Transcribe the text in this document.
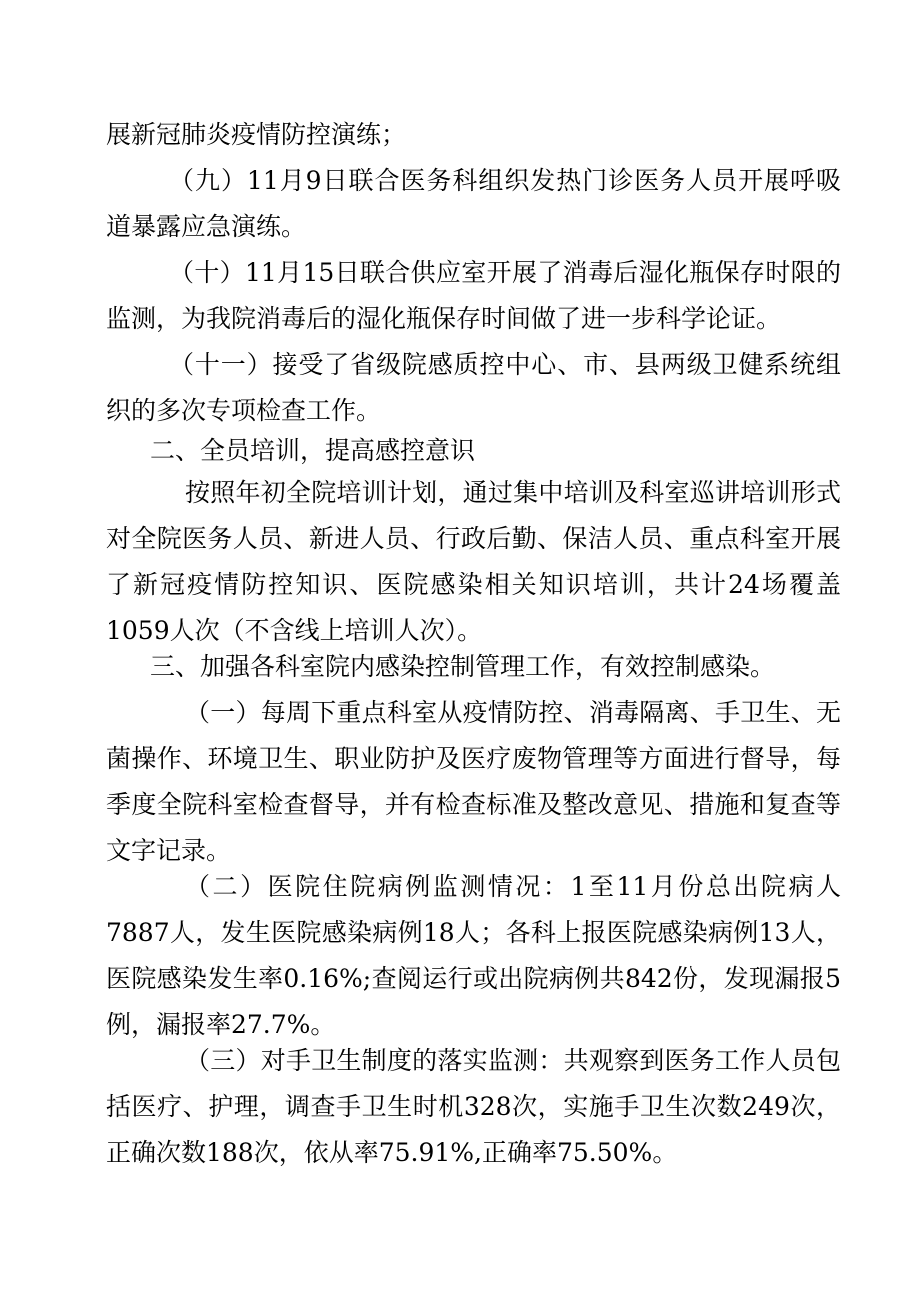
展新冠肺炎疫情防控演练；

（九）11月9日联合医务科组织发热门诊医务人员开展呼吸道暴露应急演练。

（十）11月15日联合供应室开展了消毒后湿化瓶保存时限的监测，为我院消毒后的湿化瓶保存时间做了进一步科学论证。

（十一）接受了省级院感质控中心、市、县两级卫健系统组织的多次专项检查工作。

二、全员培训，提高感控意识

按照年初全院培训计划，通过集中培训及科室巡讲培训形式对全院医务人员、新进人员、行政后勤、保洁人员、重点科室开展了新冠疫情防控知识、医院感染相关知识培训，共计24场覆盖1059人次（不含线上培训人次）。

三、加强各科室院内感染控制管理工作，有效控制感染。

（一）每周下重点科室从疫情防控、消毒隔离、手卫生、无菌操作、环境卫生、职业防护及医疗废物管理等方面进行督导，每季度全院科室检查督导，并有检查标准及整改意见、措施和复查等文字记录。

（二）医院住院病例监测情况：1至11月份总出院病人7887人，发生医院感染病例18人；各科上报医院感染病例13人，医院感染发生率0.16%;查阅运行或出院病例共842份，发现漏报5例，漏报率27.7%。

（三）对手卫生制度的落实监测：共观察到医务工作人员包括医疗、护理，调查手卫生时机328次，实施手卫生次数249次，正确次数188次，依从率75.91%,正确率75.50%。
